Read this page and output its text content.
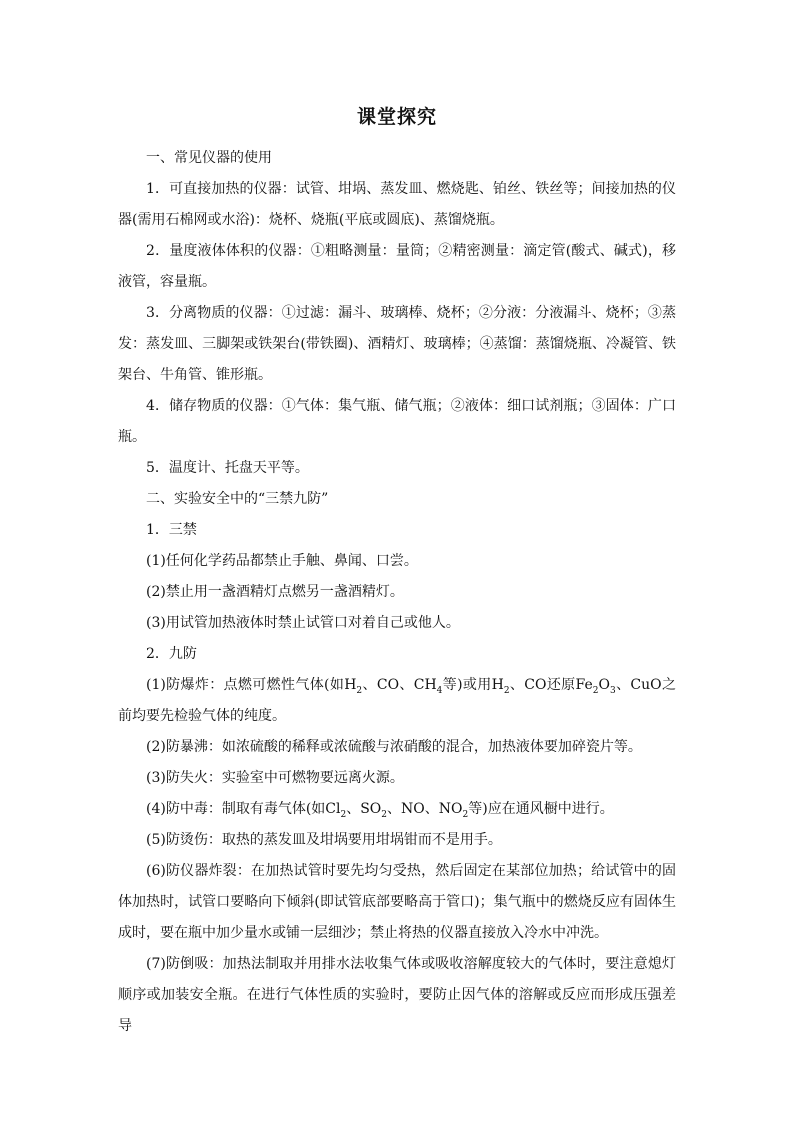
课堂探究

一、常见仪器的使用

1．可直接加热的仪器：试管、坩埚、蒸发皿、燃烧匙、铂丝、铁丝等；间接加热的仪器(需用石棉网或水浴)：烧杯、烧瓶(平底或圆底)、蒸馏烧瓶。

2．量度液体体积的仪器：①粗略测量：量筒；②精密测量：滴定管(酸式、碱式)，移液管，容量瓶。

3．分离物质的仪器：①过滤：漏斗、玻璃棒、烧杯；②分液：分液漏斗、烧杯；③蒸发：蒸发皿、三脚架或铁架台(带铁圈)、酒精灯、玻璃棒；④蒸馏：蒸馏烧瓶、冷凝管、铁架台、牛角管、锥形瓶。

4．储存物质的仪器：①气体：集气瓶、储气瓶；②液体：细口试剂瓶；③固体：广口瓶。

5．温度计、托盘天平等。

二、实验安全中的“三禁九防”

1．三禁

(1)任何化学药品都禁止手触、鼻闻、口尝。

(2)禁止用一盏酒精灯点燃另一盏酒精灯。

(3)用试管加热液体时禁止试管口对着自己或他人。

2．九防

(1)防爆炸：点燃可燃性气体(如$H_2$、CO、$CH_4$等)或用$H_2$、CO还原$Fe_2O_3$、CuO之前均要先检验气体的纯度。

(2)防暴沸：如浓硫酸的稀释或浓硫酸与浓硝酸的混合，加热液体要加碎瓷片等。

(3)防失火：实验室中可燃物要远离火源。

(4)防中毒：制取有毒气体(如$Cl_2$、$SO_2$、NO、$NO_2$等)应在通风橱中进行。

(5)防烫伤：取热的蒸发皿及坩埚要用坩埚钳而不是用手。

(6)防仪器炸裂：在加热试管时要先均匀受热，然后固定在某部位加热；给试管中的固体加热时，试管口要略向下倾斜(即试管底部要略高于管口)；集气瓶中的燃烧反应有固体生成时，要在瓶中加少量水或铺一层细沙；禁止将热的仪器直接放入冷水中冲洗。

(7)防倒吸：加热法制取并用排水法收集气体或吸收溶解度较大的气体时，要注意熄灯顺序或加装安全瓶。在进行气体性质的实验时，要防止因气体的溶解或反应而形成压强差导
